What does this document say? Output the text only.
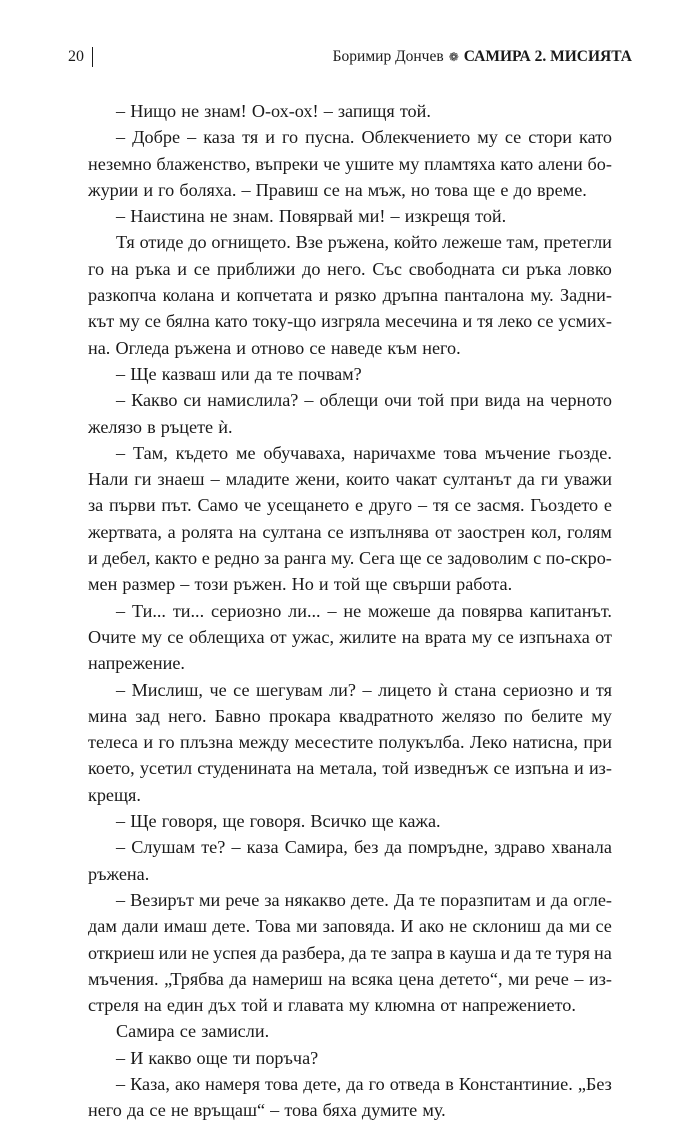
20	Боримир Дончев ❁ САМИРА 2. МИСИЯТА
– Нищо не знам! О-ох-ох! – запищя той.
– Добре – каза тя и го пусна. Облекчението му се стори като
неземно блаженство, въпреки че ушите му пламтяха като алени бо-
журии и го боляха. – Правиш се на мъж, но това ще е до време.
– Наистина не знам. Повярвай ми! – изкрещя той.
Тя отиде до огнището. Взе ръжена, който лежеше там, претегли
го на ръка и се приближи до него. Със свободната си ръка ловко
разкопча колана и копчетата и рязко дръпна панталона му. Задни-
кът му се бялна като току-що изгряла месечина и тя леко се усмих-
на. Огледа ръжена и отново се наведе към него.
– Ще казваш или да те почвам?
– Какво си намислила? – облещи очи той при вида на черното
желязо в ръцете ѝ.
– Там, където ме обучаваха, наричахме това мъчение гьозде.
Нали ги знаеш – младите жени, които чакат султанът да ги уважи
за първи път. Само че усещането е друго – тя се засмя. Гьоздето е
жертвата, а ролята на султана се изпълнява от заострен кол, голям
и дебел, както е редно за ранга му. Сега ще се задоволим с по-скро-
мен размер – този ръжен. Но и той ще свърши работа.
– Ти... ти... сериозно ли... – не можеше да повярва капитанът.
Очите му се облещиха от ужас, жилите на врата му се изпънаха от
напрежение.
– Мислиш, че се шегувам ли? – лицето ѝ стана сериозно и тя
мина зад него. Бавно прокара квадратното желязо по белите му
телеса и го плъзна между месестите полукълба. Леко натисна, при
което, усетил студенината на метала, той изведнъж се изпъна и из-
крещя.
– Ще говоря, ще говоря. Всичко ще кажа.
– Слушам те? – каза Самира, без да помръдне, здраво хванала
ръжена.
– Везирът ми рече за някакво дете. Да те поразпитам и да огле-
дам дали имаш дете. Това ми заповяда. И ако не склониш да ми се
откриеш или не успея да разбера, да те запра в кауша и да те туря на
мъчения. „Трябва да намериш на всяка цена детето“, ми рече – из-
стреля на един дъх той и главата му клюмна от напрежението.
Самира се замисли.
– И какво още ти поръча?
– Каза, ако намеря това дете, да го отведа в Константиние. „Без
него да се не връщаш“ – това бяха думите му.
